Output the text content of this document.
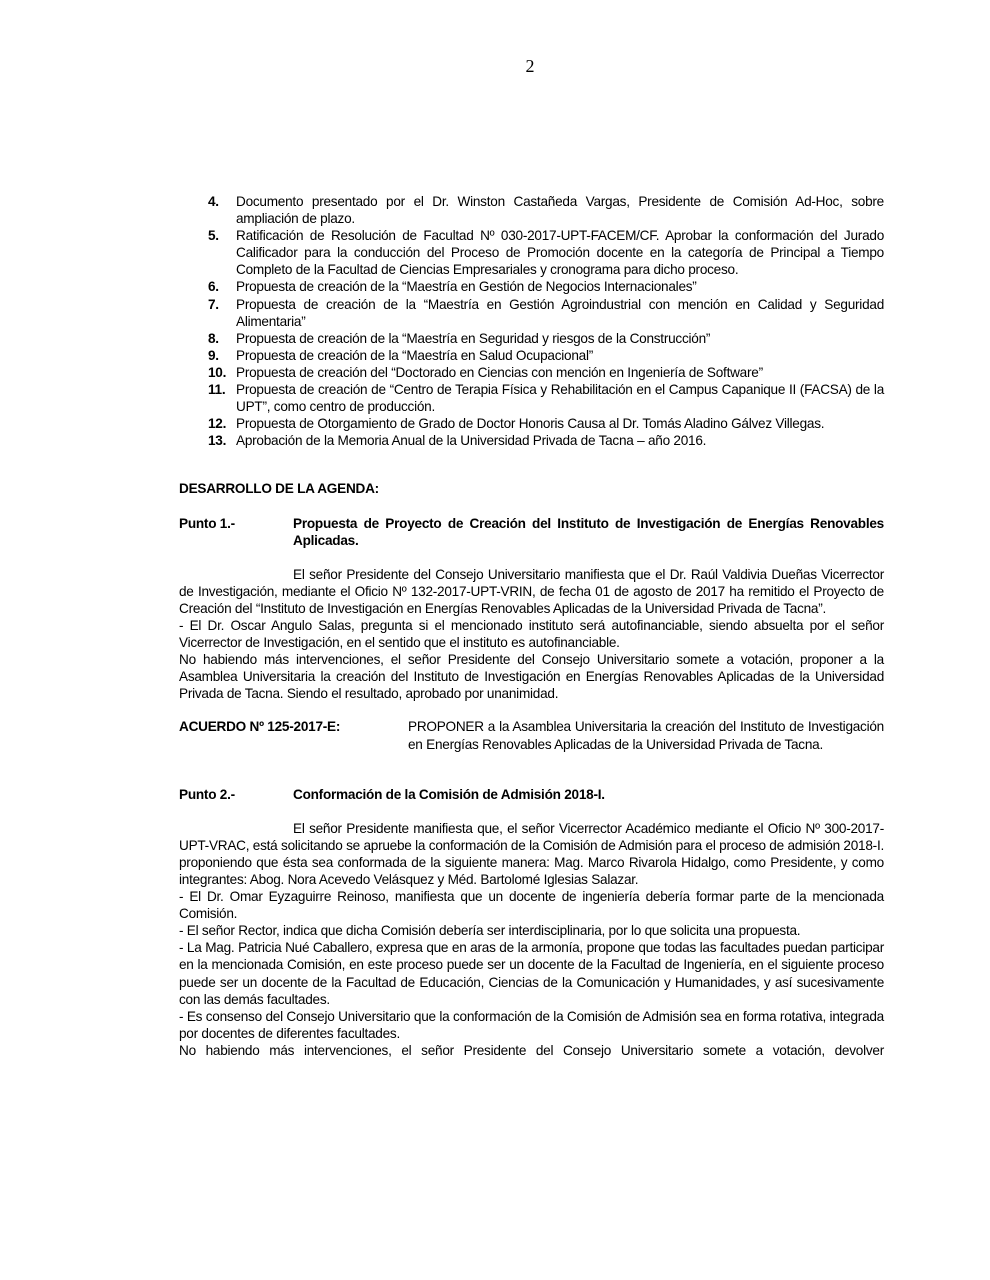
2
4. Documento presentado por el Dr. Winston Castañeda Vargas, Presidente de Comisión Ad-Hoc, sobre ampliación de plazo.
5. Ratificación de Resolución de Facultad Nº 030-2017-UPT-FACEM/CF. Aprobar la conformación del Jurado Calificador para la conducción del Proceso de Promoción docente en la categoría de Principal a Tiempo Completo de la Facultad de Ciencias Empresariales y cronograma para dicho proceso.
6. Propuesta de creación de la “Maestría en Gestión de Negocios Internacionales”
7. Propuesta de creación de la “Maestría en Gestión Agroindustrial con mención en Calidad y Seguridad Alimentaria”
8. Propuesta de creación de la “Maestría en Seguridad y riesgos de la Construcción”
9. Propuesta de creación de la “Maestría en Salud Ocupacional”
10. Propuesta de creación del “Doctorado en Ciencias con mención en Ingeniería de Software”
11. Propuesta de creación de “Centro de Terapia Física y Rehabilitación en el Campus Capanique II (FACSA) de la UPT”, como centro de producción.
12. Propuesta de Otorgamiento de Grado de Doctor Honoris Causa al Dr. Tomás Aladino Gálvez Villegas.
13. Aprobación de la Memoria Anual de la Universidad Privada de Tacna – año 2016.
DESARROLLO DE LA AGENDA:
Punto 1.-	Propuesta de Proyecto de Creación del Instituto de Investigación de Energías Renovables Aplicadas.

El señor Presidente del Consejo Universitario manifiesta que el Dr. Raúl Valdivia Dueñas Vicerrector de Investigación, mediante el Oficio Nº 132-2017-UPT-VRIN, de fecha 01 de agosto de 2017 ha remitido el Proyecto de Creación del “Instituto de Investigación en Energías Renovables Aplicadas de la Universidad Privada de Tacna”.

- El Dr. Oscar Angulo Salas, pregunta si el mencionado instituto será autofinanciable, siendo absuelta por el señor Vicerrector de Investigación, en el sentido que el instituto es autofinanciable.

No habiendo más intervenciones, el señor Presidente del Consejo Universitario somete a votación, proponer a la Asamblea Universitaria la creación del Instituto de Investigación en Energías Renovables Aplicadas de la Universidad Privada de Tacna. Siendo el resultado, aprobado por unanimidad.

ACUERDO Nº 125-2017-E:	PROPONER a la Asamblea Universitaria la creación del Instituto de Investigación en Energías Renovables Aplicadas de la Universidad Privada de Tacna.
Punto 2.-	Conformación de la Comisión de Admisión 2018-I.

El señor Presidente manifiesta que, el señor Vicerrector Académico mediante el Oficio Nº 300-2017-UPT-VRAC, está solicitando se apruebe la conformación de la Comisión de Admisión para el proceso de admisión 2018-I. proponiendo que ésta sea conformada de la siguiente manera: Mag. Marco Rivarola Hidalgo, como Presidente, y como integrantes: Abog. Nora Acevedo Velásquez y Méd. Bartolomé Iglesias Salazar.

- El Dr. Omar Eyzaguirre Reinoso, manifiesta que un docente de ingeniería debería formar parte de la mencionada Comisión.

- El señor Rector, indica que dicha Comisión debería ser interdisciplinaria, por lo que solicita una propuesta.

- La Mag. Patricia Nué Caballero, expresa que en aras de la armonía, propone que todas las facultades puedan participar en la mencionada Comisión, en este proceso puede ser un docente de la Facultad de Ingeniería, en el siguiente proceso puede ser un docente de la Facultad de Educación, Ciencias de la Comunicación y Humanidades, y así sucesivamente con las demás facultades.

- Es consenso del Consejo Universitario que la conformación de la Comisión de Admisión sea en forma rotativa, integrada por docentes de diferentes facultades.

No habiendo más intervenciones, el señor Presidente del Consejo Universitario somete a votación, devolver
